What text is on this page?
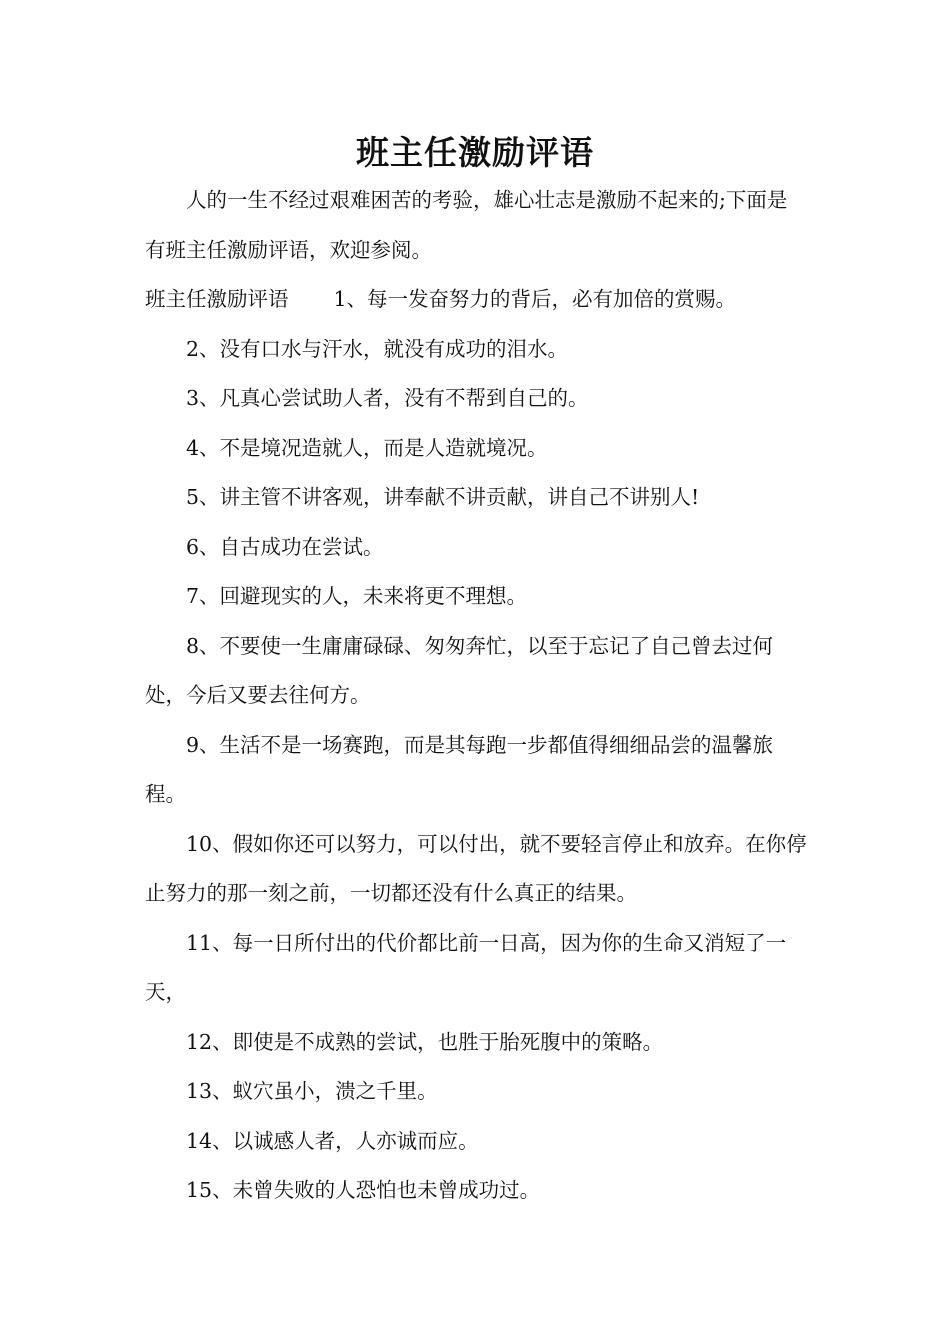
班主任激励评语

人的一生不经过艰难困苦的考验，雄心壮志是激励不起来的;下面是有班主任激励评语，欢迎参阅。

班主任激励评语 1、每一发奋努力的背后，必有加倍的赏赐。

2、没有口水与汗水，就没有成功的泪水。

3、凡真心尝试助人者，没有不帮到自己的。

4、不是境况造就人，而是人造就境况。

5、讲主管不讲客观，讲奉献不讲贡献，讲自己不讲别人!

6、自古成功在尝试。

7、回避现实的人，未来将更不理想。

8、不要使一生庸庸碌碌、匆匆奔忙，以至于忘记了自己曾去过何处，今后又要去往何方。

9、生活不是一场赛跑，而是其每跑一步都值得细细品尝的温馨旅程。

10、假如你还可以努力，可以付出，就不要轻言停止和放弃。在你停止努力的那一刻之前，一切都还没有什么真正的结果。

11、每一日所付出的代价都比前一日高，因为你的生命又消短了一天，

12、即使是不成熟的尝试，也胜于胎死腹中的策略。

13、蚁穴虽小，溃之千里。

14、以诚感人者，人亦诚而应。

15、未曾失败的人恐怕也未曾成功过。
